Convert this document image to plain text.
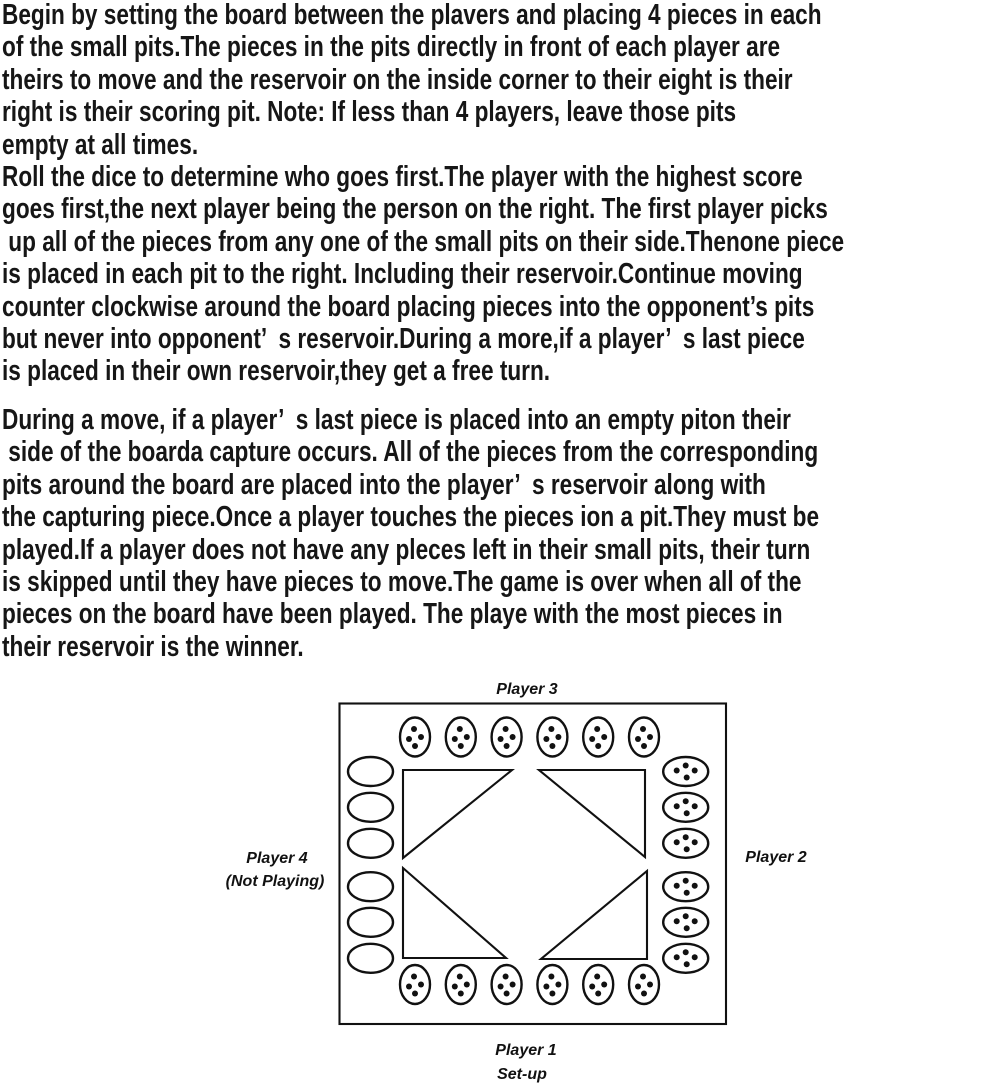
Begin by setting the board between the plavers and placing 4 pieces in each
of the small pits.The pieces in the pits directly in front of each player are
theirs to move and the reservoir on the inside corner to their eight is their
right is their scoring pit. Note: If less than 4 players, leave those pits
empty at all times.
Roll the dice to determine who goes first.The player with the highest score
goes first,the next player being the person on the right. The first player picks
up all of the pieces from any one of the small pits on their side.Thenone piece
is placed in each pit to the right. Including their reservoir.Continue moving
counter clockwise around the board placing pieces into the opponent’s pits
but never into opponent’  s reservoir.During a more,if a player’  s last piece
is placed in their own reservoir,they get a free turn.
During a move, if a player’  s last piece is placed into an empty piton their
side of the boarda capture occurs. All of the pieces from the corresponding
pits around the board are placed into the player’  s reservoir along with
the capturing piece.Once a player touches the pieces ion a pit.They must be
played.If a player does not have any pleces left in their small pits, their turn
is skipped until they have pieces to move.The game is over when all of the
pieces on the board have been played. The playe with the most pieces in
their reservoir is the winner.
Player 3
Player 4
(Not Playing)
Player 2
Player 1
Set-up
